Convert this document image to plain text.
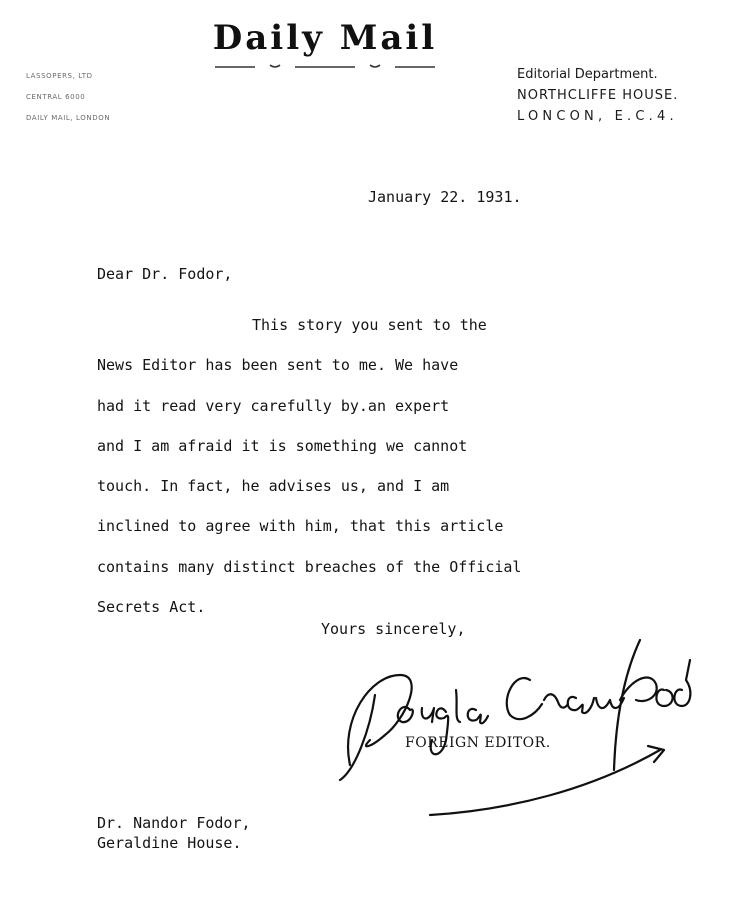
Daily Mail
LASSOPERS, LTD
CENTRAL 6000
DAILY MAIL, LONDON
Editorial Department.
NORTHCLIFFE HOUSE.
LONCON, E.C.4.
January 22. 1931.
Dear Dr. Fodor,
This story you sent to the
News Editor has been sent to me. We have
had it read very carefully by.an expert
and I am afraid it is something we cannot
touch. In fact, he advises us, and I am
inclined to agree with him, that this article
contains many distinct breaches of the Official
Secrets Act.
Yours sincerely,
FOREIGN EDITOR.
Dr. Nandor Fodor,
Geraldine House.
